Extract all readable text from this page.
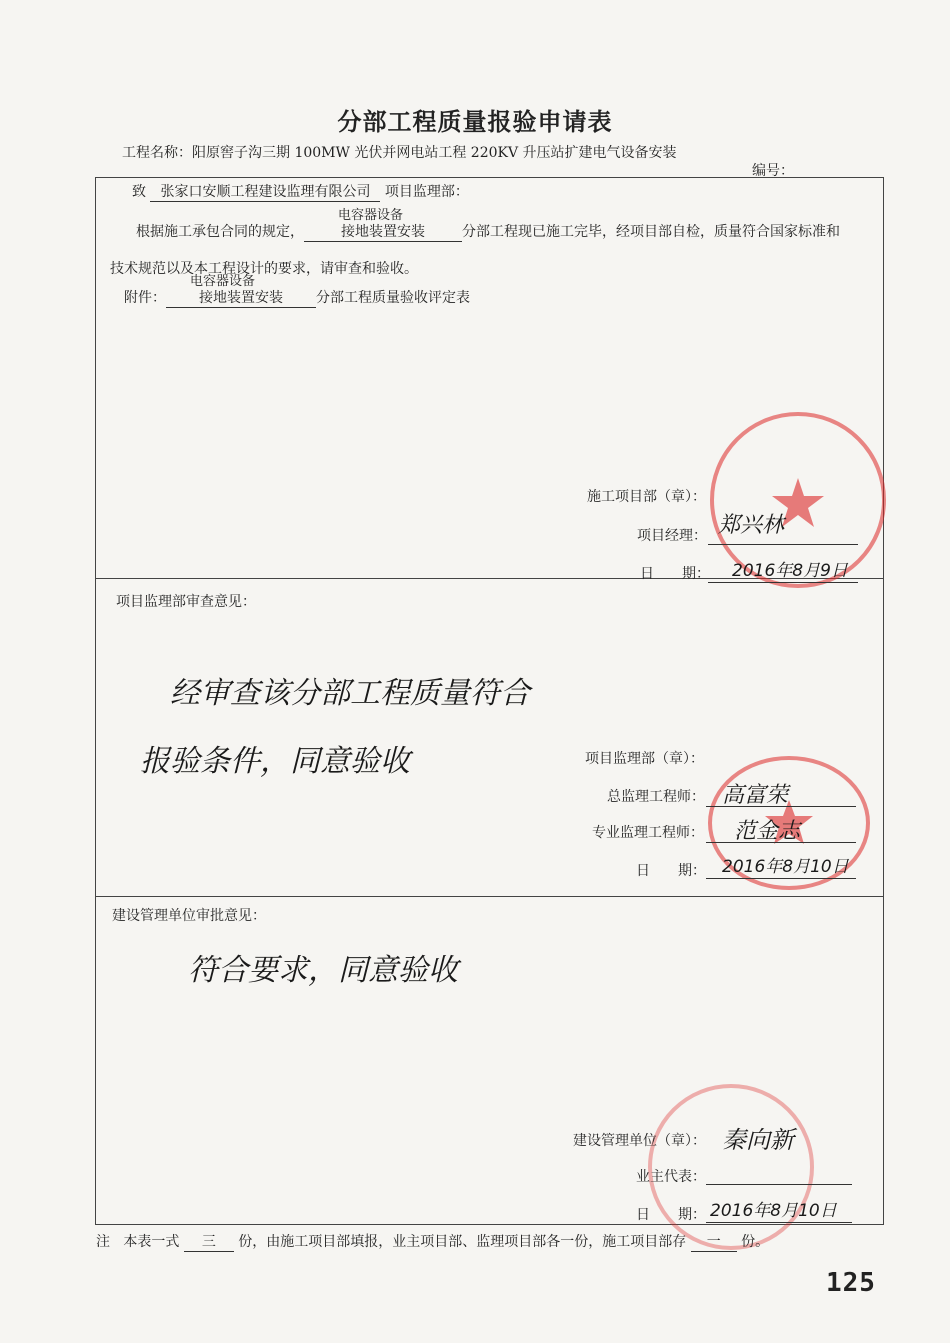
分部工程质量报验申请表
工程名称：阳原窖子沟三期 100MW 光伏并网电站工程 220KV 升压站扩建电气设备安装
编号：
致 张家口安顺工程建设监理有限公司 项目监理部：
电容器设备
根据施工承包合同的规定，	接地装置安装	分部工程现已施工完毕，经项目部自检，质量符合国家标准和
技术规范以及本工程设计的要求，请审查和验收。
电容器设备
附件： 接地装置安装 分部工程质量验收评定表
施工项目部（章）：
项目经理： 郑兴林
日　　期： 2016年8月9日
项目监理部审查意见：
经审查该分部工程质量符合
报验条件，同意验收	项目监理部（章）：
总监理工程师： 高富荣
专业监理工程师： 范金志
日　　期： 2016年8月10日
建设管理单位审批意见：
符合要求，同意验收
建设管理单位（章）： 秦向新
业主代表：
日　　期： 2016年8月10日
注 本表一式 三 份，由施工项目部填报，业主项目部、监理项目部各一份，施工项目部存 一 份。
125
